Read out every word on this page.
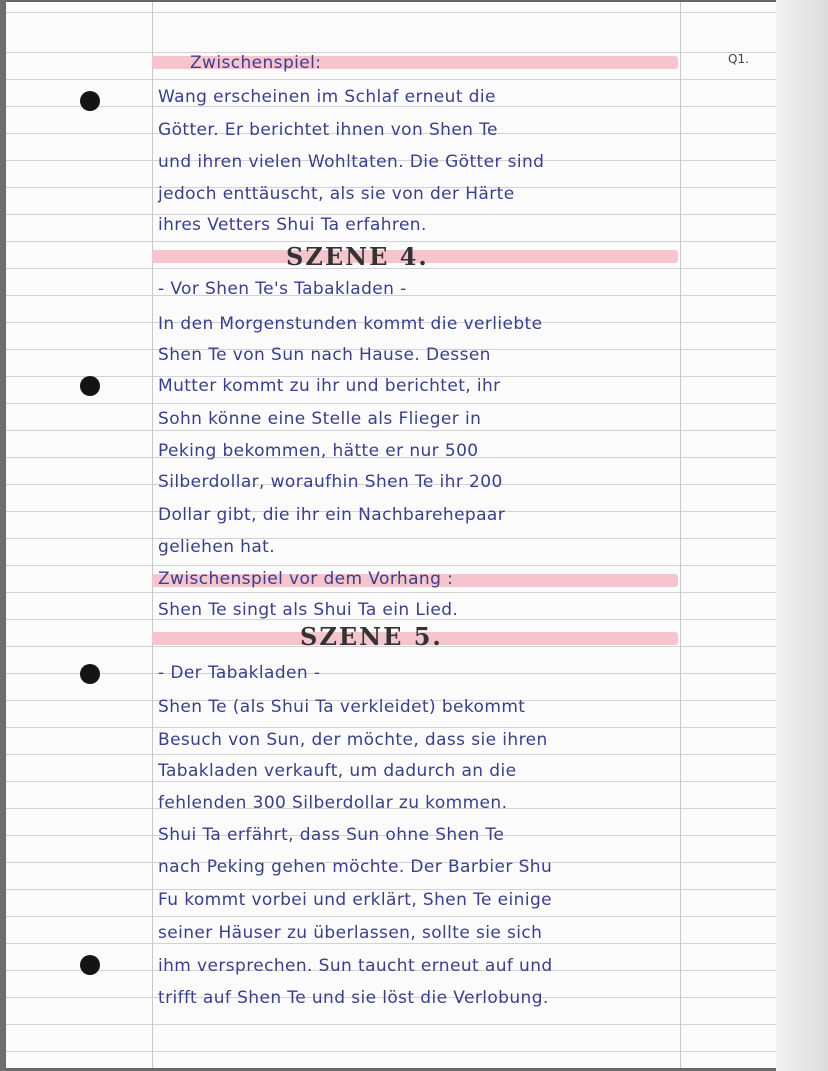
Q1.
Zwischenspiel:
Wang erscheinen im Schlaf erneut die
Götter. Er berichtet ihnen von Shen Te
und ihren vielen Wohltaten. Die Götter sind
jedoch enttäuscht, als sie von der Härte
ihres Vetters Shui Ta erfahren.
SZENE 4.
- Vor Shen Te's Tabakladen -
In den Morgenstunden kommt die verliebte
Shen Te von Sun nach Hause. Dessen
Mutter kommt zu ihr und berichtet, ihr
Sohn könne eine Stelle als Flieger in
Peking bekommen, hätte er nur 500
Silberdollar, woraufhin Shen Te ihr 200
Dollar gibt, die ihr ein Nachbarehepaar
geliehen hat.
Zwischenspiel vor dem Vorhang :
Shen Te singt als Shui Ta ein Lied.
SZENE 5.
- Der Tabakladen -
Shen Te (als Shui Ta verkleidet) bekommt
Besuch von Sun, der möchte, dass sie ihren
Tabakladen verkauft, um dadurch an die
fehlenden 300 Silberdollar zu kommen.
Shui Ta erfährt, dass Sun ohne Shen Te
nach Peking gehen möchte. Der Barbier Shu
Fu kommt vorbei und erklärt, Shen Te einige
seiner Häuser zu überlassen, sollte sie sich
ihm versprechen. Sun taucht erneut auf und
trifft auf Shen Te und sie löst die Verlobung.
